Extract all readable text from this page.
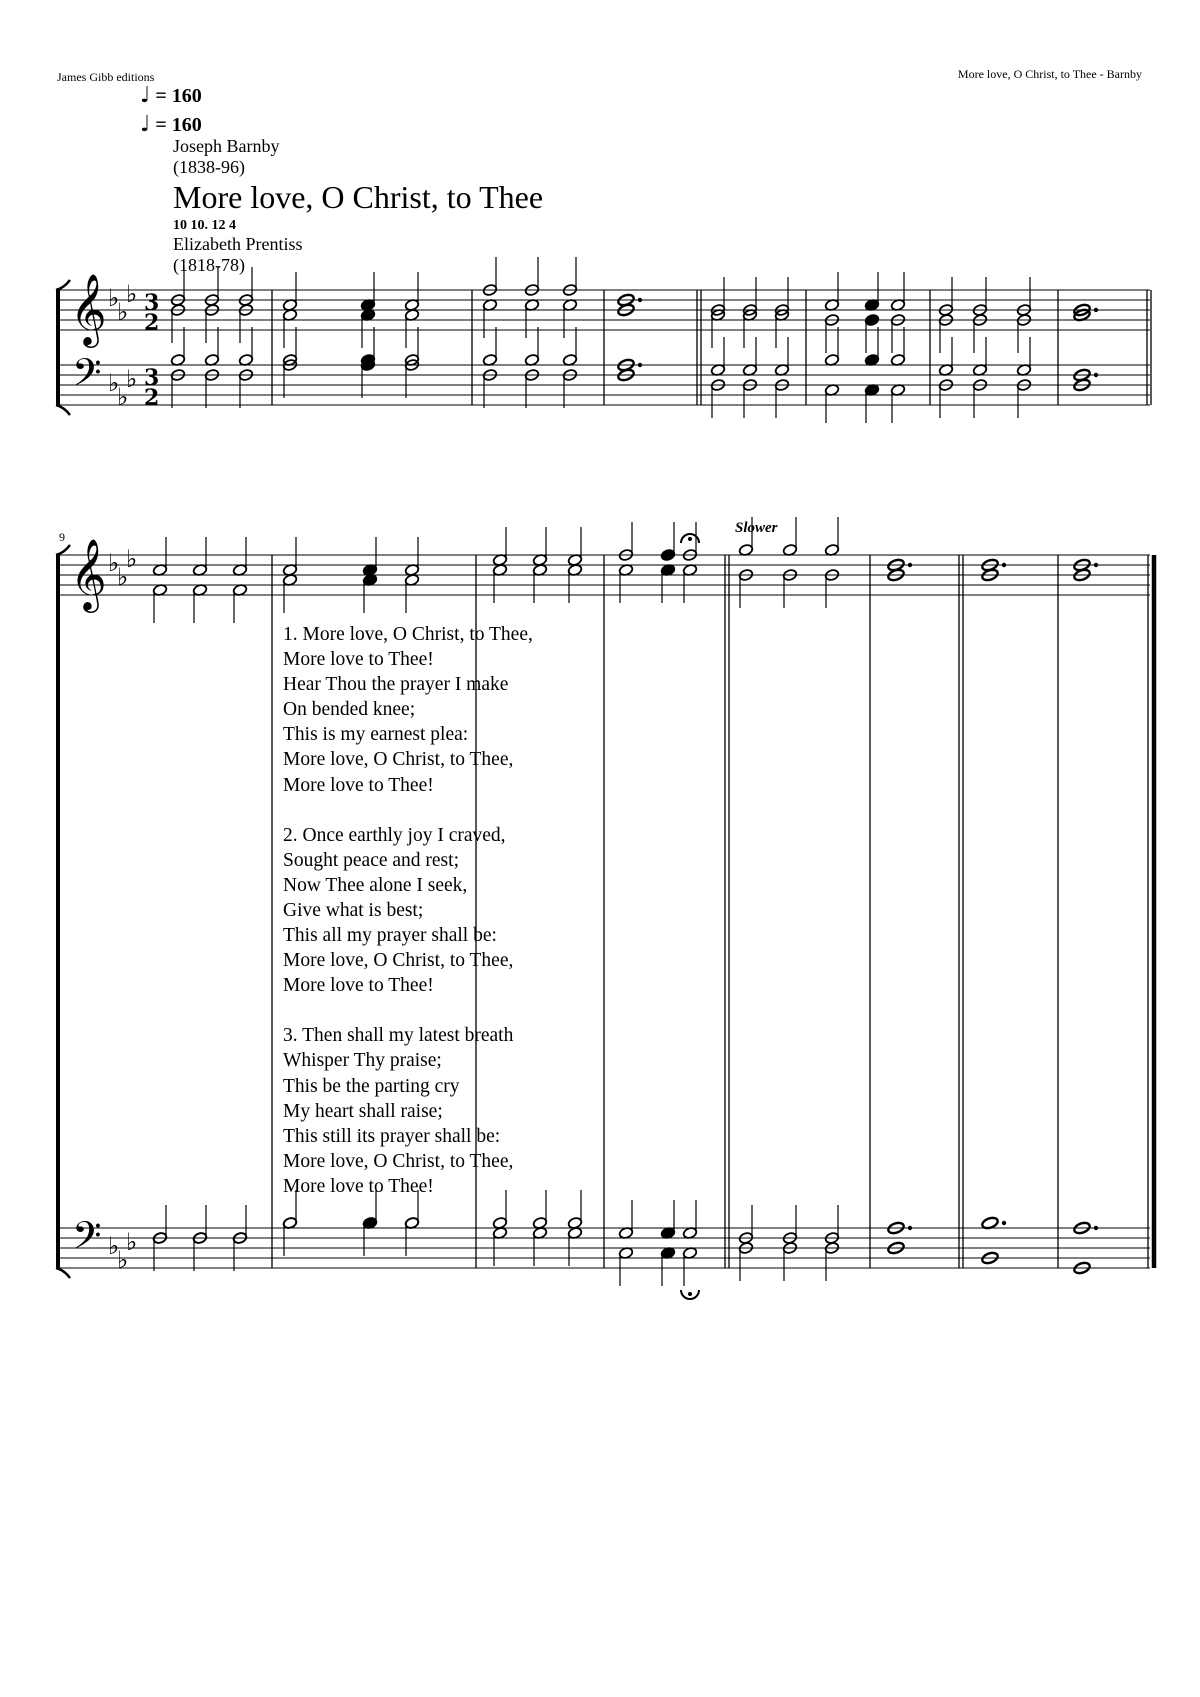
James Gibb editions	More love, O Christ, to Thee - Barnby
♩ = 160
♩ = 160
Joseph Barnby
(1838-96)
More love, O Christ, to Thee
10 10. 12 4
Elizabeth Prentiss
(1818-78)
9
Slower
𝄞
𝄢
♭
♭
♭
♭
♭
♭
3
2
3
2
𝄞
𝄢
♭
♭
♭
♭
♭
♭
1. More love, O Christ, to Thee,
More love to Thee!
Hear Thou the prayer I make
On bended knee;
This is my earnest plea:
More love, O Christ, to Thee,
More love to Thee!
2. Once earthly joy I craved,
Sought peace and rest;
Now Thee alone I seek,
Give what is best;
This all my prayer shall be:
More love, O Christ, to Thee,
More love to Thee!
3. Then shall my latest breath
Whisper Thy praise;
This be the parting cry
My heart shall raise;
This still its prayer shall be:
More love, O Christ, to Thee,
More love to Thee!
